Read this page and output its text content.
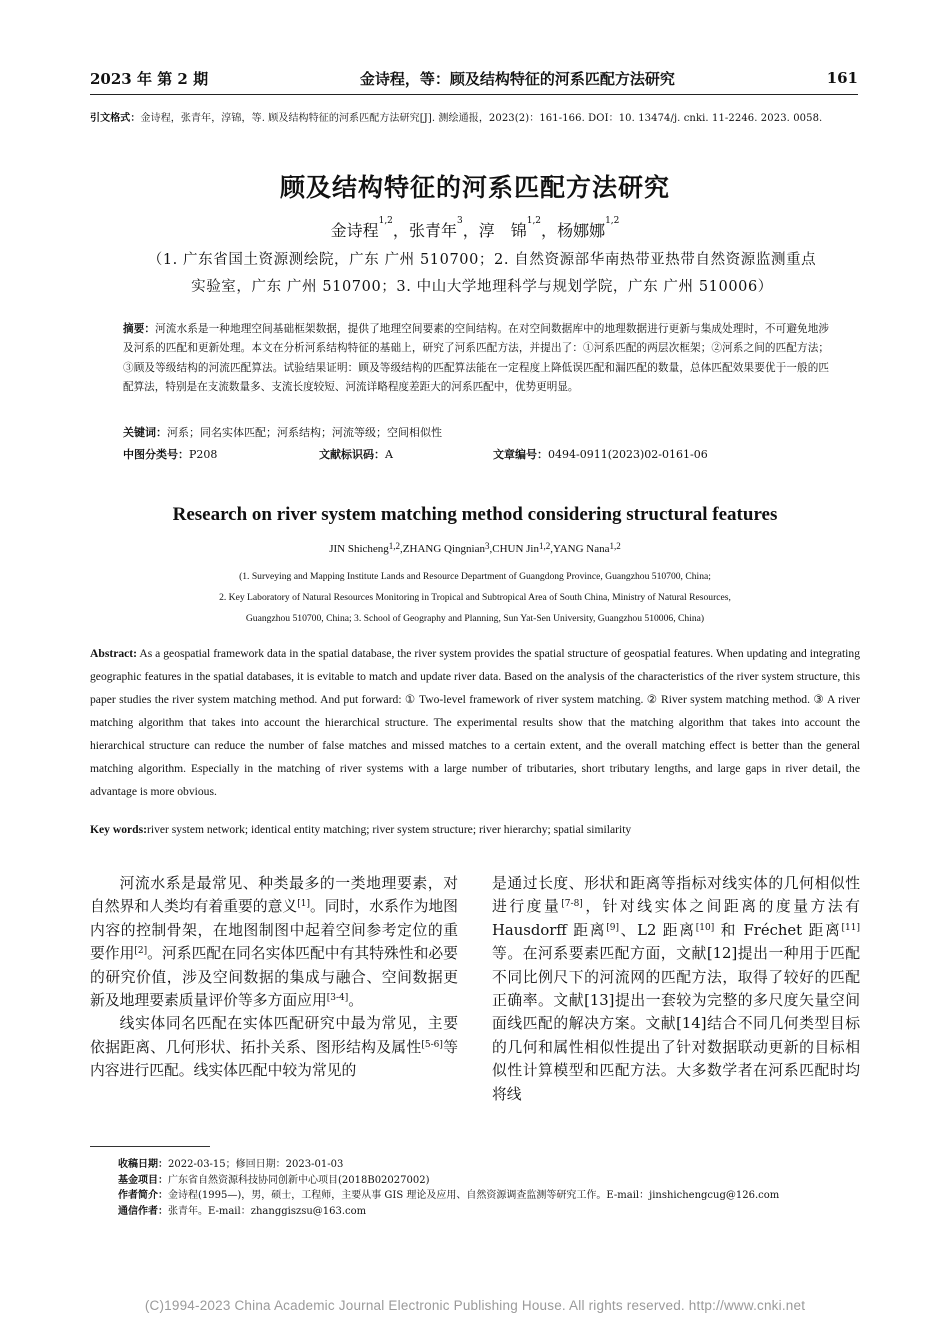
2023 年 第 2 期	金诗程，等：顾及结构特征的河系匹配方法研究	161
引文格式：金诗程，张青年，淳锦，等. 顾及结构特征的河系匹配方法研究[J]. 测绘通报，2023(2)：161-166. DOI：10. 13474/j. cnki. 11-2246. 2023. 0058.
顾及结构特征的河系匹配方法研究
金诗程$^{1,2}$，张青年$^3$，淳　锦$^{1,2}$，杨娜娜$^{1,2}$
（1. 广东省国土资源测绘院，广东 广州 510700；2. 自然资源部华南热带亚热带自然资源监测重点
实验室，广东 广州 510700；3. 中山大学地理科学与规划学院，广东 广州 510006）
摘要：河流水系是一种地理空间基础框架数据，提供了地理空间要素的空间结构。在对空间数据库中的地理数据进行更新与集成处理时，不可避免地涉及河系的匹配和更新处理。本文在分析河系结构特征的基础上，研究了河系匹配方法，并提出了：①河系匹配的两层次框架；②河系之间的匹配方法；③顾及等级结构的河流匹配算法。试验结果证明：顾及等级结构的匹配算法能在一定程度上降低误匹配和漏匹配的数量，总体匹配效果要优于一般的匹配算法，特别是在支流数量多、支流长度较短、河流详略程度差距大的河系匹配中，优势更明显。
关键词：河系；同名实体匹配；河系结构；河流等级；空间相似性
中图分类号：P208	文献标识码：A	文章编号：0494-0911(2023)02-0161-06
Research on river system matching method considering structural features
JIN Shicheng$^{1,2}$,ZHANG Qingnian$^3$,CHUN Jin$^{1,2}$,YANG Nana$^{1,2}$
(1. Surveying and Mapping Institute Lands and Resource Department of Guangdong Province, Guangzhou 510700, China;
2. Key Laboratory of Natural Resources Monitoring in Tropical and Subtropical Area of South China, Ministry of Natural Resources,
Guangzhou 510700, China; 3. School of Geography and Planning, Sun Yat-Sen University, Guangzhou 510006, China)
Abstract: As a geospatial framework data in the spatial database, the river system provides the spatial structure of geospatial features. When updating and integrating geographic features in the spatial databases, it is evitable to match and update river data. Based on the analysis of the characteristics of the river system structure, this paper studies the river system matching method. And put forward: ① Two-level framework of river system matching. ② River system matching method. ③ A river matching algorithm that takes into account the hierarchical structure. The experimental results show that the matching algorithm that takes into account the hierarchical structure can reduce the number of false matches and missed matches to a certain extent, and the overall matching effect is better than the general matching algorithm. Especially in the matching of river systems with a large number of tributaries, short tributary lengths, and large gaps in river detail, the advantage is more obvious.
Key words:river system network; identical entity matching; river system structure; river hierarchy; spatial similarity

河流水系是最常见、种类最多的一类地理要素，对自然界和人类均有着重要的意义[1]。同时，水系作为地图内容的控制骨架，在地图制图中起着空间参考定位的重要作用[2]。河系匹配在同名实体匹配中有其特殊性和必要的研究价值，涉及空间数据的集成与融合、空间数据更新及地理要素质量评价等多方面应用[3-4]。

线实体同名匹配在实体匹配研究中最为常见，主要依据距离、几何形状、拓扑关系、图形结构及属性[5-6]等内容进行匹配。线实体匹配中较为常见的

是通过长度、形状和距离等指标对线实体的几何相似性进行度量[7-8]，针对线实体之间距离的度量方法有 Hausdorff 距离[9]、L2 距离[10] 和 Fréchet 距离[11]等。在河系要素匹配方面，文献[12]提出一种用于匹配不同比例尺下的河流网的匹配方法，取得了较好的匹配正确率。文献[13]提出一套较为完整的多尺度矢量空间面线匹配的解决方案。文献[14]结合不同几何类型目标的几何和属性相似性提出了针对数据联动更新的目标相似性计算模型和匹配方法。大多数学者在河系匹配时均将线

收稿日期： 2022-03-15；修回日期：2023-01-03
基金项目： 广东省自然资源科技协同创新中心项目(2018B02027002)
作者简介： 金诗程(1995—)，男，硕士，工程师，主要从事 GIS 理论及应用、自然资源调查监测等研究工作。E-mail：jinshichengcug@126.com
通信作者： 张青年。E-mail：zhanggiszsu@163.com
(C)1994-2023 China Academic Journal Electronic Publishing House. All rights reserved. http://www.cnki.net
